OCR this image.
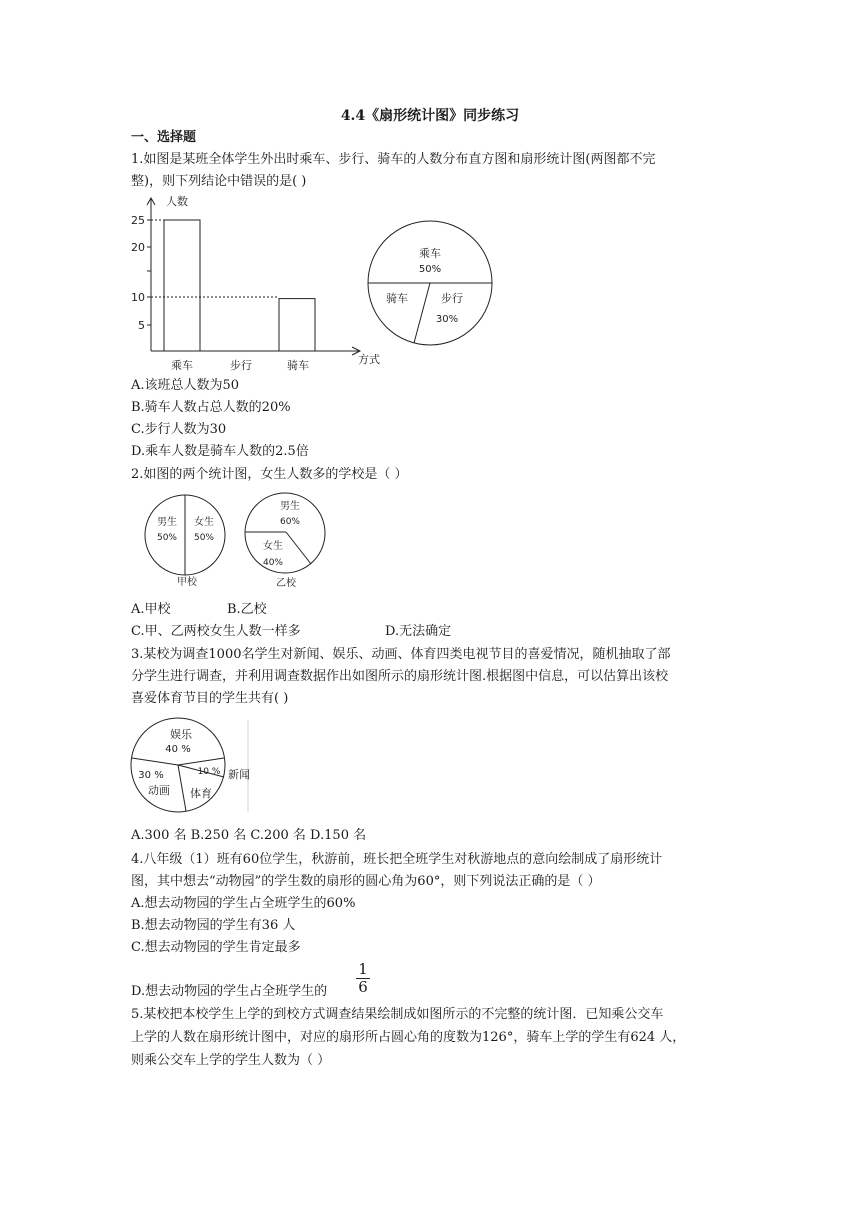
4.4《扇形统计图》同步练习
一、选择题
1.如图是某班全体学生外出时乘车、步行、骑车的人数分布直方图和扇形统计图(两图都不完
整)，则下列结论中错误的是( )
人数
方式
25
20
10
5
乘车	步行	骑车
乘车
50%
步行
30%
骑车
A.该班总人数为50
B.骑车人数占总人数的20%
C.步行人数为30
D.乘车人数是骑车人数的2.5倍
2.如图的两个统计图，女生人数多的学校是（ ）
男生
50%
女生
50%
甲校
男生
60%
女生
40%
乙校
A.甲校	B.乙校
C.甲、乙两校女生人数一样多	D.无法确定
3.某校为调查1000名学生对新闻、娱乐、动画、体育四类电视节目的喜爱情况，随机抽取了部
分学生进行调查，并利用调查数据作出如图所示的扇形统计图.根据图中信息，可以估算出该校
喜爱体育节目的学生共有( )
娱乐
40 %
10 % 新闻
体育
30 %
动画
A.300 名 B.250 名 C.200 名 D.150 名
4.八年级（1）班有60位学生，秋游前，班长把全班学生对秋游地点的意向绘制成了扇形统计
图，其中想去“动物园”的学生数的扇形的圆心角为60°，则下列说法正确的是（ ）
A.想去动物园的学生占全班学生的60%
B.想去动物园的学生有36 人
C.想去动物园的学生肯定最多
D.想去动物园的学生占全班学生的 $\frac{1}{6}$
5.某校把本校学生上学的到校方式调查结果绘制成如图所示的不完整的统计图．已知乘公交车
上学的人数在扇形统计图中，对应的扇形所占圆心角的度数为126°，骑车上学的学生有624 人，
则乘公交车上学的学生人数为（ ）
